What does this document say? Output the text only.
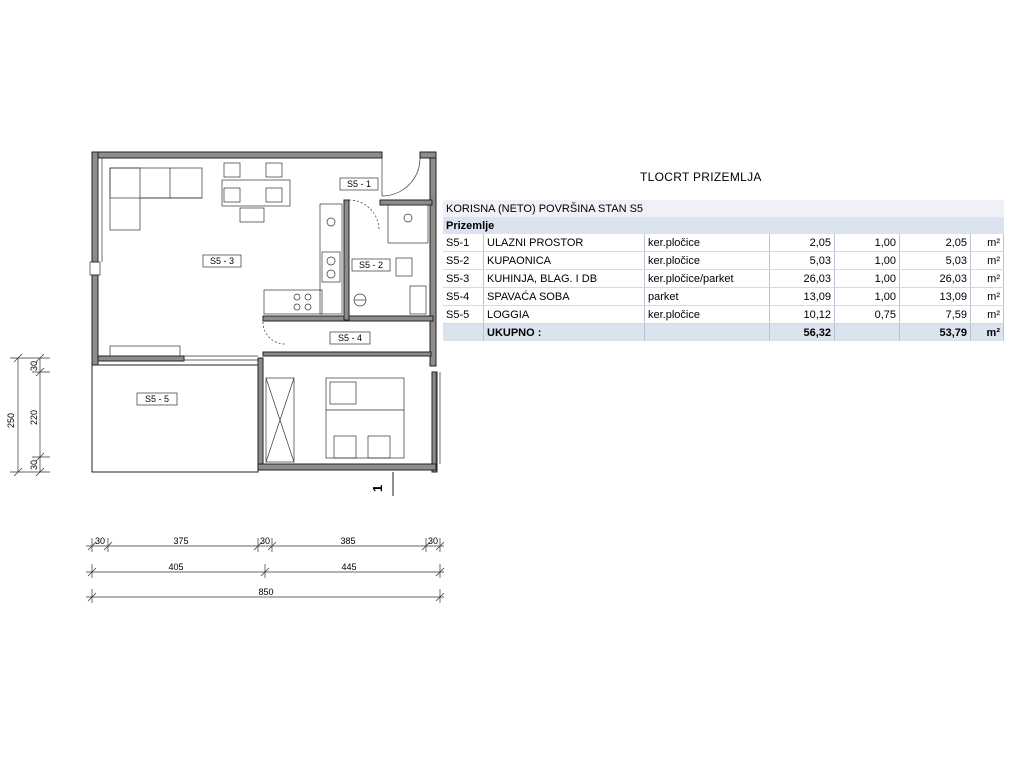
S5 - 1
S5 - 2
S5 - 3
S5 - 4
S5 - 5
1
250
30
220
30
30	375	30	385	30
405	445
850
TLOCRT PRIZEMLJA
KORISNA (NETO) POVRŠINA STAN S5						
Prizemlje						
S5-1	ULAZNI PROSTOR	ker.pločice	2,05	1,00	2,05	m²
S5-2	KUPAONICA	ker.pločice	5,03	1,00	5,03	m²
S5-3	KUHINJA, BLAG. I DB	ker.pločice/parket	26,03	1,00	26,03	m²
S5-4	SPAVAĆA SOBA	parket	13,09	1,00	13,09	m²
S5-5	LOGGIA	ker.pločice	10,12	0,75	7,59	m²
	UKUPNO :		56,32		53,79	m²
